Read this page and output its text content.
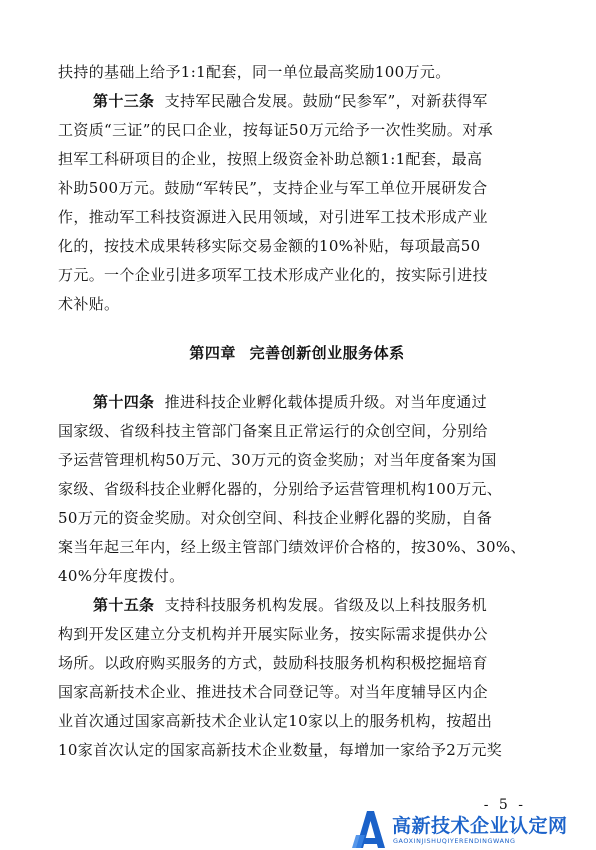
扶持的基础上给予1:1配套，同一单位最高奖励100万元。
第十三条 支持军民融合发展。鼓励“民参军”，对新获得军
工资质“三证”的民口企业，按每证50万元给予一次性奖励。对承
担军工科研项目的企业，按照上级资金补助总额1:1配套，最高
补助500万元。鼓励“军转民”，支持企业与军工单位开展研发合
作，推动军工科技资源进入民用领域，对引进军工技术形成产业
化的，按技术成果转移实际交易金额的10%补贴，每项最高50
万元。一个企业引进多项军工技术形成产业化的，按实际引进技
术补贴。
第四章 完善创新创业服务体系
第十四条 推进科技企业孵化载体提质升级。对当年度通过
国家级、省级科技主管部门备案且正常运行的众创空间，分别给
予运营管理机构50万元、30万元的资金奖励；对当年度备案为国
家级、省级科技企业孵化器的，分别给予运营管理机构100万元、
50万元的资金奖励。对众创空间、科技企业孵化器的奖励，自备
案当年起三年内，经上级主管部门绩效评价合格的，按30%、30%、
40%分年度拨付。
第十五条 支持科技服务机构发展。省级及以上科技服务机
构到开发区建立分支机构并开展实际业务，按实际需求提供办公
场所。以政府购买服务的方式，鼓励科技服务机构积极挖掘培育
国家高新技术企业、推进技术合同登记等。对当年度辅导区内企
业首次通过国家高新技术企业认定10家以上的服务机构，按超出
10家首次认定的国家高新技术企业数量，每增加一家给予2万元奖
- 5 -
高新技术企业认定网
GAOXINJISHUQIYERENDINGWANG
